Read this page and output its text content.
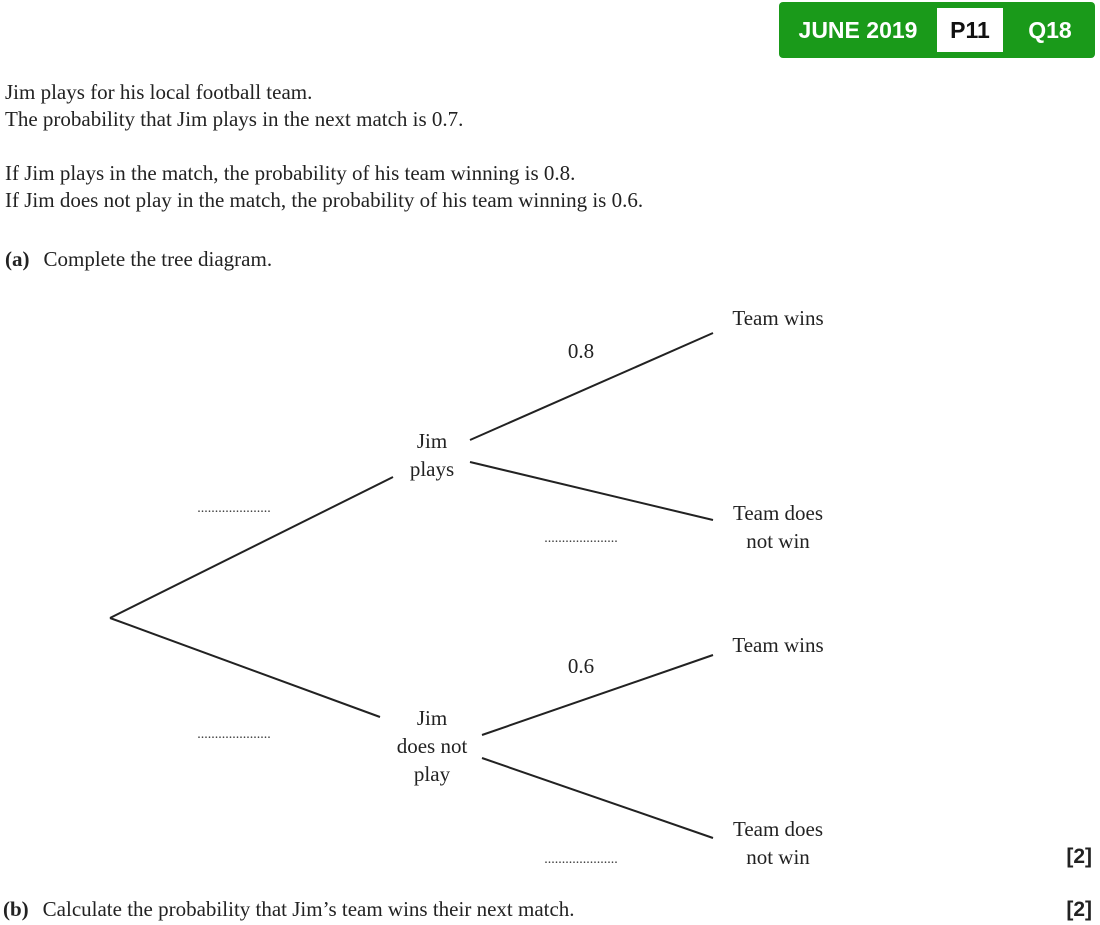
JUNE 2019	P11	Q18
Jim plays for his local football team.
The probability that Jim plays in the next match is 0.7.
If Jim plays in the match, the probability of his team winning is 0.8.
If Jim does not play in the match, the probability of his team winning is 0.6.
(a) Complete the tree diagram.
Jim
plays
Jim
does not
play
Team wins
Team does
not win
Team wins
Team does
not win
0.8
0.6
.....................
.....................
.....................
.....................	[2]
(b) Calculate the probability that Jim’s team wins their next match.	[2]
